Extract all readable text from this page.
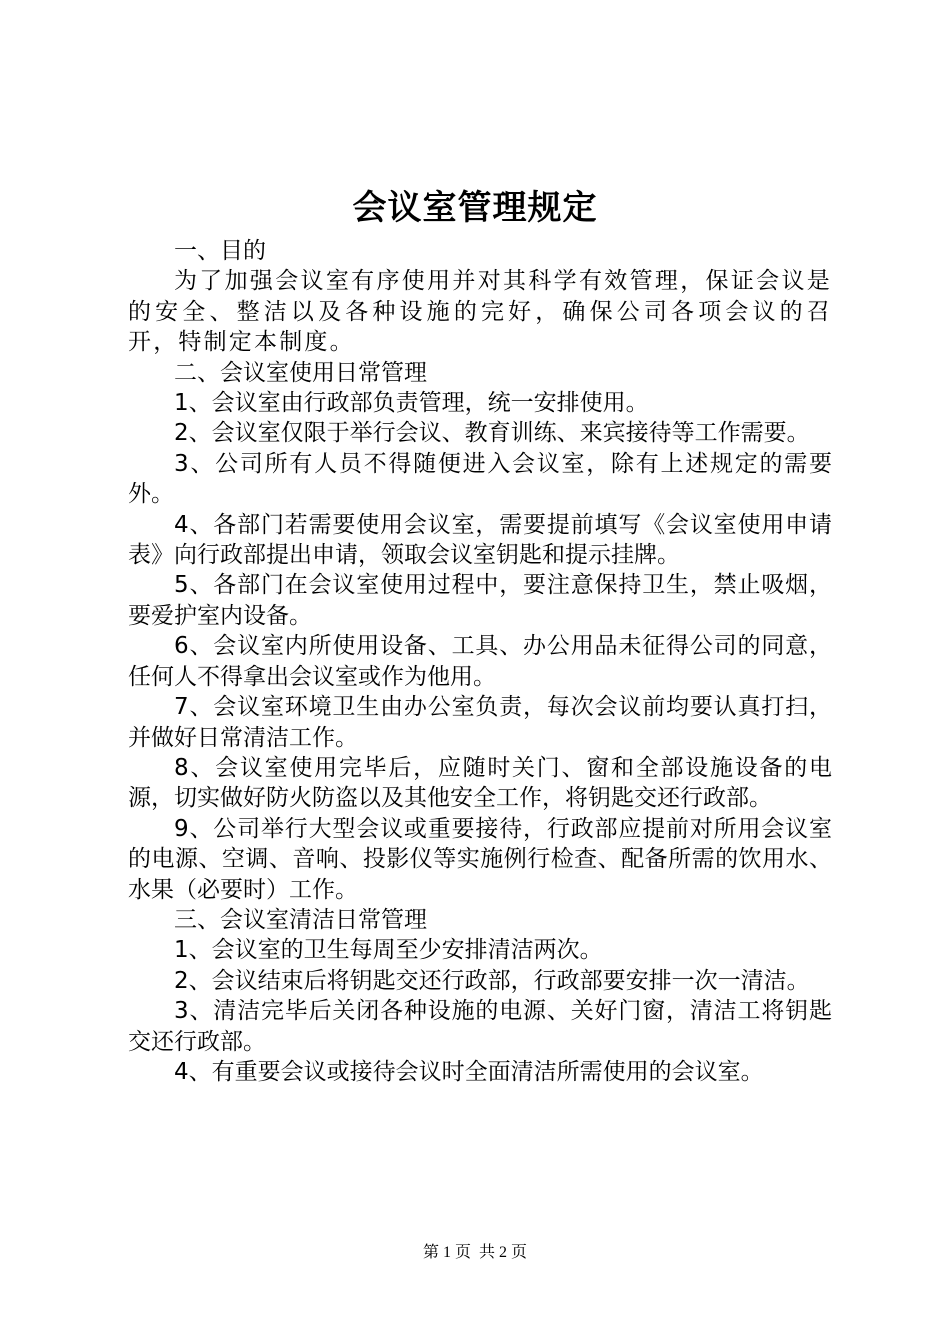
会议室管理规定

一、目的

为了加强会议室有序使用并对其科学有效管理，保证会议是的安全、整洁以及各种设施的完好，确保公司各项会议的召开，特制定本制度。

二、会议室使用日常管理

1、会议室由行政部负责管理，统一安排使用。

2、会议室仅限于举行会议、教育训练、来宾接待等工作需要。

3、公司所有人员不得随便进入会议室，除有上述规定的需要外。

4、各部门若需要使用会议室，需要提前填写《会议室使用申请表》向行政部提出申请，领取会议室钥匙和提示挂牌。

5、各部门在会议室使用过程中，要注意保持卫生，禁止吸烟，要爱护室内设备。

6、会议室内所使用设备、工具、办公用品未征得公司的同意，任何人不得拿出会议室或作为他用。

7、会议室环境卫生由办公室负责，每次会议前均要认真打扫，并做好日常清洁工作。

8、会议室使用完毕后，应随时关门、窗和全部设施设备的电源，切实做好防火防盗以及其他安全工作，将钥匙交还行政部。

9、公司举行大型会议或重要接待，行政部应提前对所用会议室的电源、空调、音响、投影仪等实施例行检查、配备所需的饮用水、水果（必要时）工作。

三、会议室清洁日常管理

1、会议室的卫生每周至少安排清洁两次。

2、会议结束后将钥匙交还行政部，行政部要安排一次一清洁。

3、清洁完毕后关闭各种设施的电源、关好门窗，清洁工将钥匙交还行政部。

4、有重要会议或接待会议时全面清洁所需使用的会议室。

第 1 页 共 2 页
